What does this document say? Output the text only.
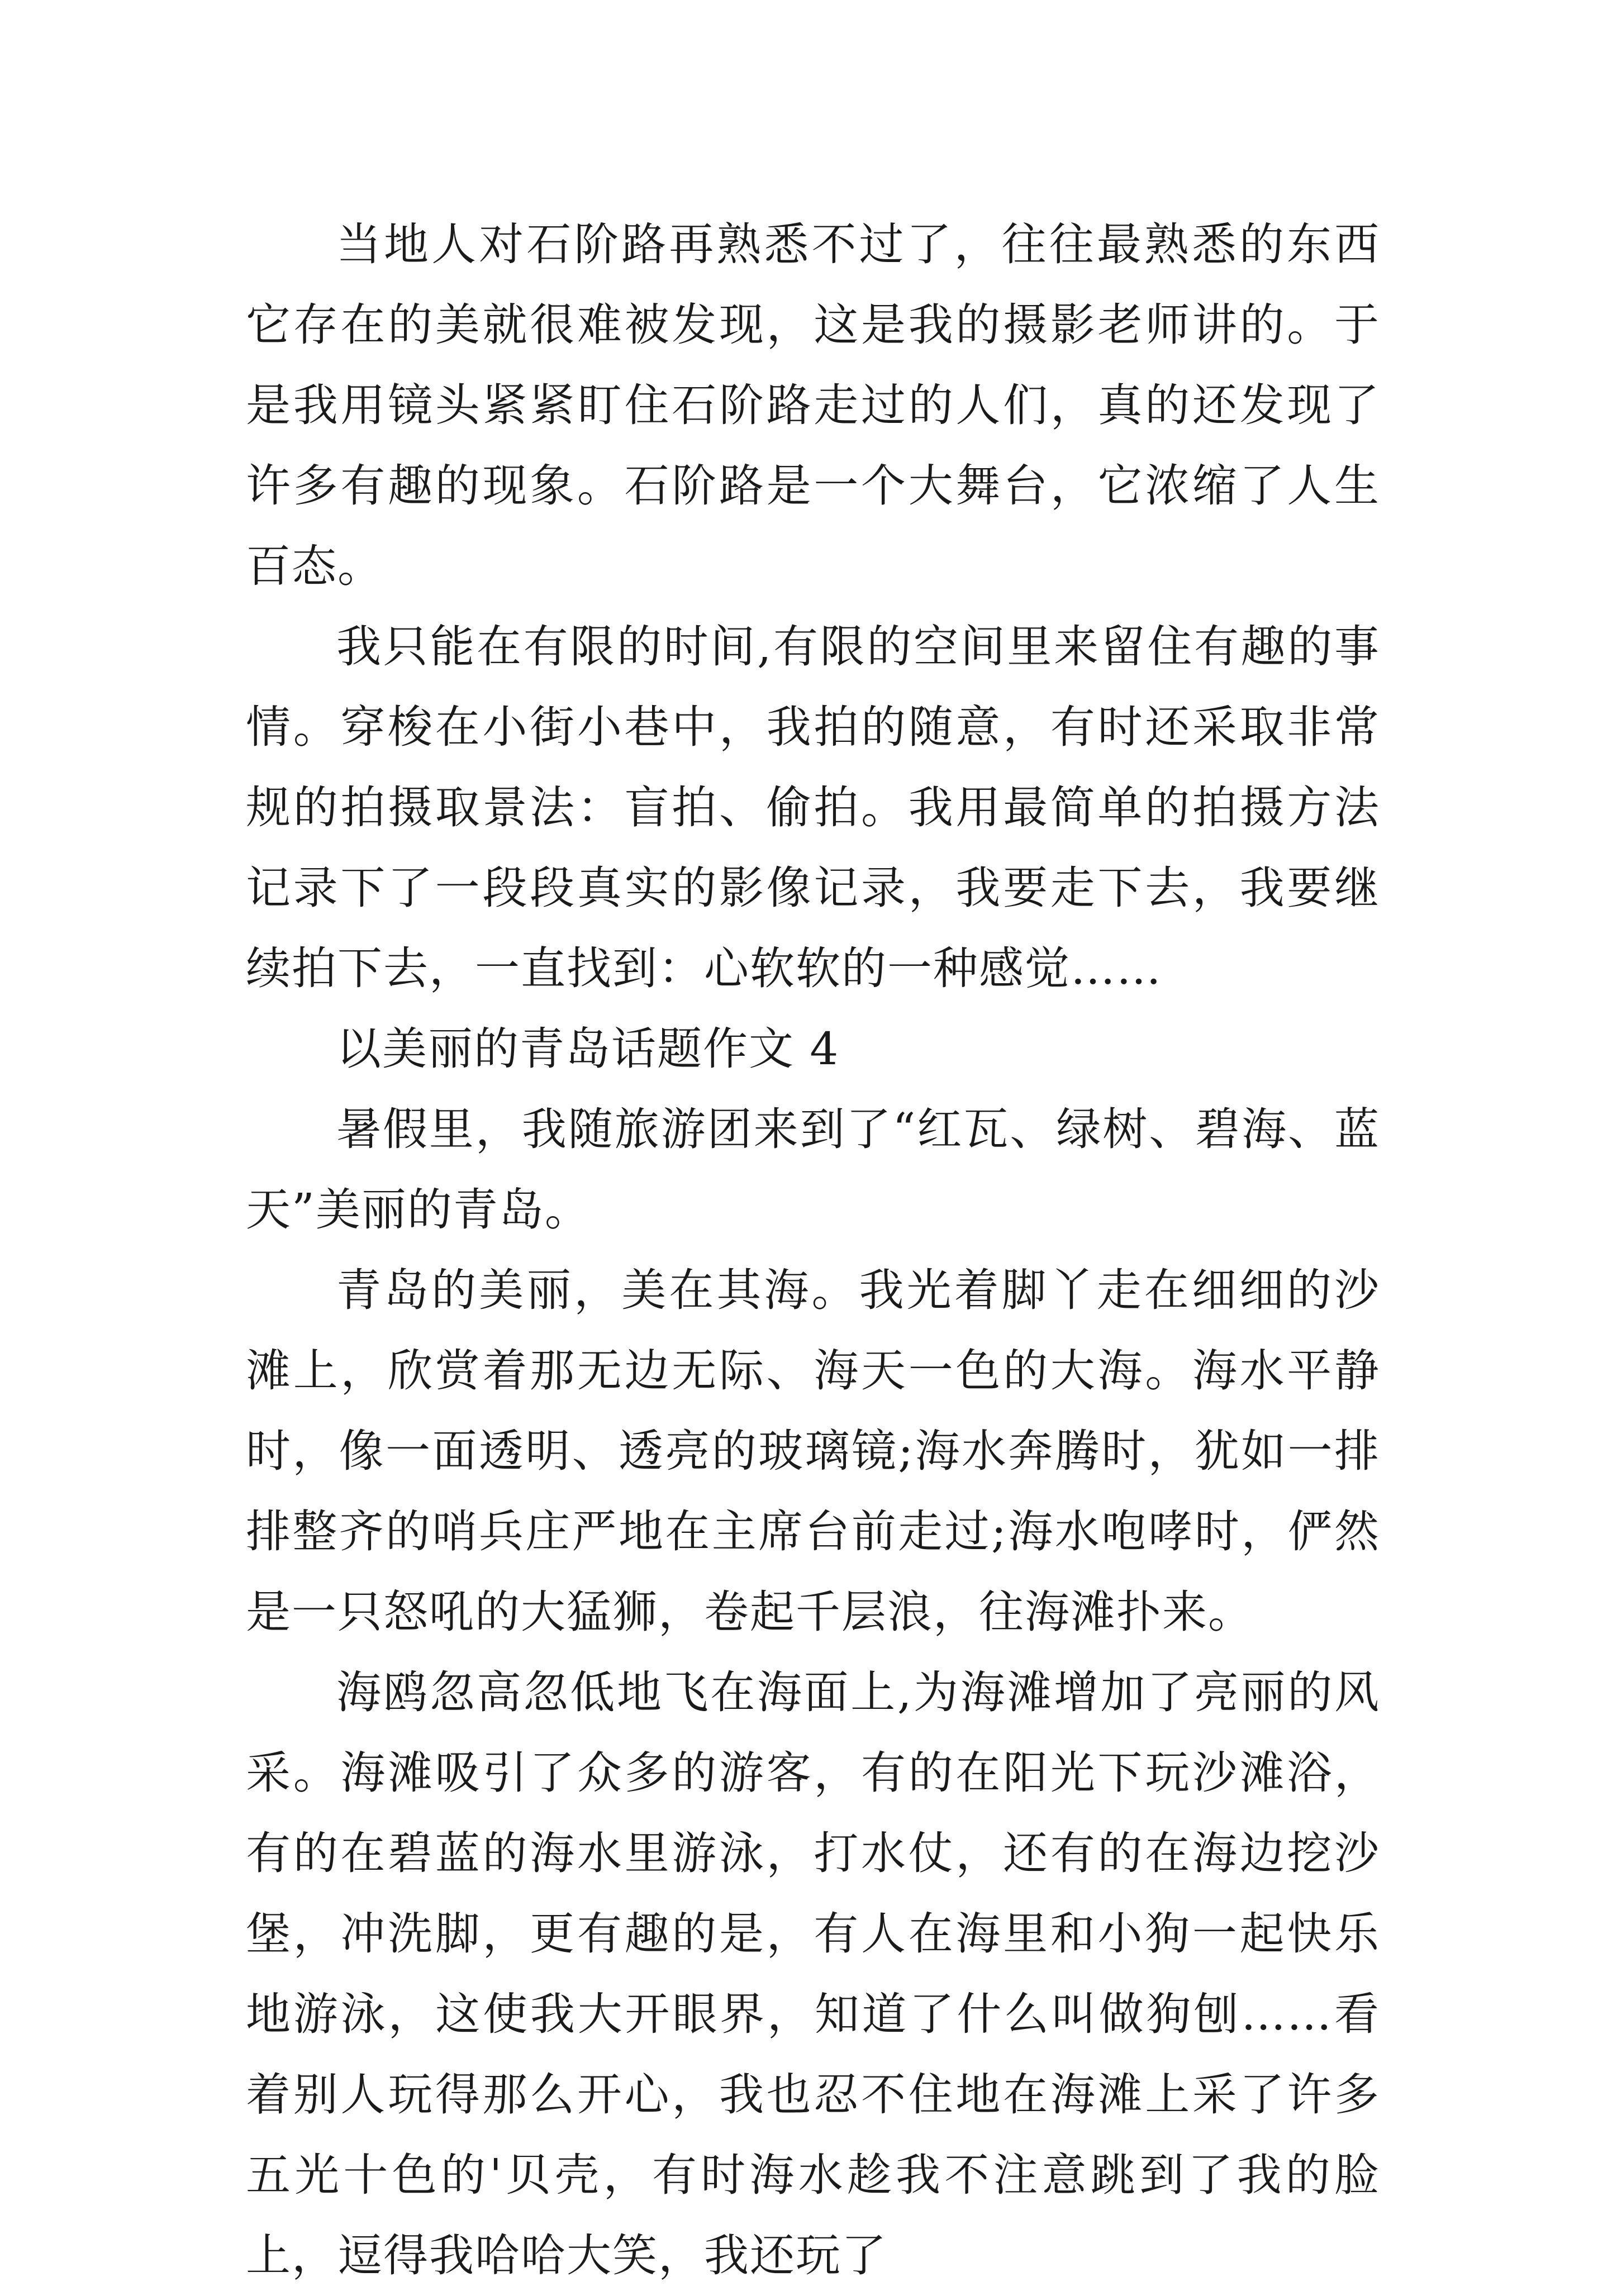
当地人对石阶路再熟悉不过了，往往最熟悉的东西它存在的美就很难被发现，这是我的摄影老师讲的。于是我用镜头紧紧盯住石阶路走过的人们，真的还发现了许多有趣的现象。石阶路是一个大舞台，它浓缩了人生百态。

我只能在有限的时间,有限的空间里来留住有趣的事情。穿梭在小街小巷中，我拍的随意，有时还采取非常规的拍摄取景法：盲拍、偷拍。我用最简单的拍摄方法记录下了一段段真实的影像记录，我要走下去，我要继续拍下去，一直找到：心软软的一种感觉……

以美丽的青岛话题作文 4

暑假里，我随旅游团来到了“红瓦、绿树、碧海、蓝天”美丽的青岛。

青岛的美丽，美在其海。我光着脚丫走在细细的沙滩上，欣赏着那无边无际、海天一色的大海。海水平静时，像一面透明、透亮的玻璃镜;海水奔腾时，犹如一排排整齐的哨兵庄严地在主席台前走过;海水咆哮时，俨然是一只怒吼的大猛狮，卷起千层浪，往海滩扑来。

海鸥忽高忽低地飞在海面上,为海滩增加了亮丽的风采。海滩吸引了众多的游客，有的在阳光下玩沙滩浴，有的在碧蓝的海水里游泳，打水仗，还有的在海边挖沙堡，冲洗脚，更有趣的是，有人在海里和小狗一起快乐地游泳，这使我大开眼界，知道了什么叫做狗刨……看着别人玩得那么开心，我也忍不住地在海滩上采了许多五光十色的'贝壳，有时海水趁我不注意跳到了我的脸上，逗得我哈哈大笑，我还玩了
